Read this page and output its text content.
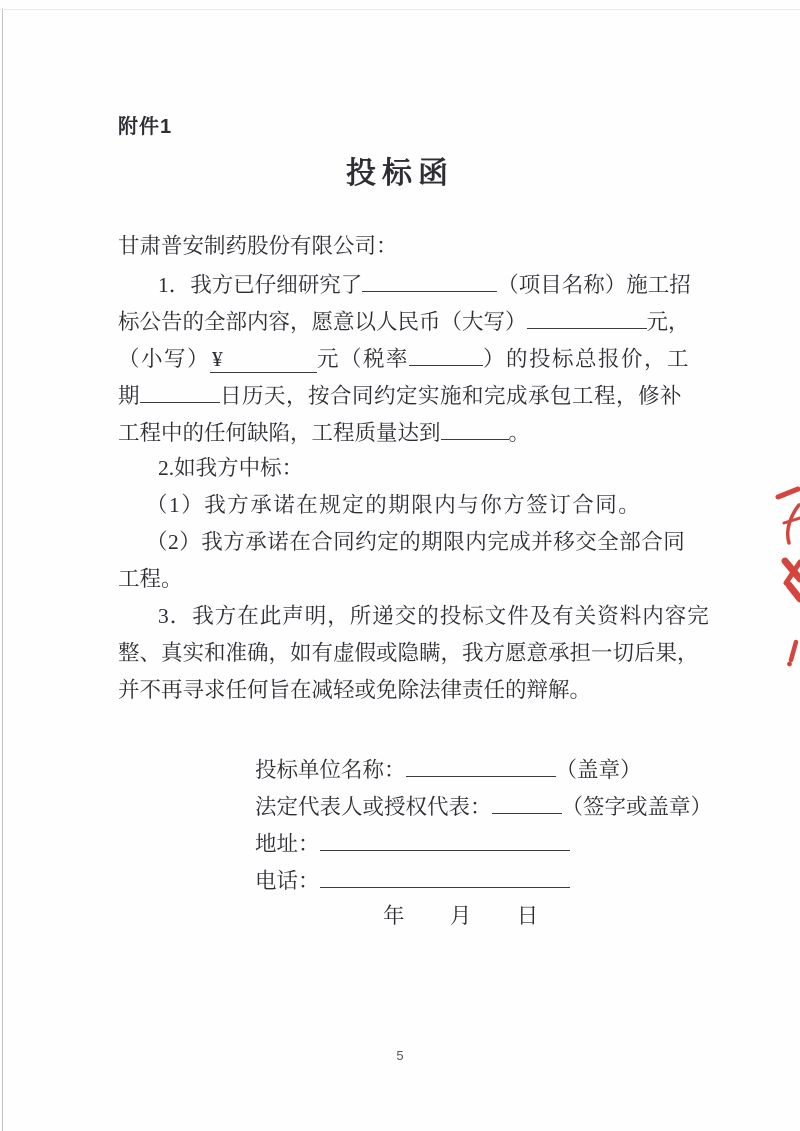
附件1
投标函
甘肃普安制药股份有限公司：
1．我方已仔细研究了	（项目名称）施工招
标公告的全部内容，愿意以人民币（大写）	元，
（小写）¥	元（税率	）的投标总报价，工
期	日历天，按合同约定实施和完成承包工程，修补
工程中的任何缺陷，工程质量达到	。
2.如我方中标：
（1）我方承诺在规定的期限内与你方签订合同。
（2）我方承诺在合同约定的期限内完成并移交全部合同
工程。
3．我方在此声明，所递交的投标文件及有关资料内容完
整、真实和准确，如有虚假或隐瞒，我方愿意承担一切后果，
并不再寻求任何旨在减轻或免除法律责任的辩解。
投标单位名称：	（盖章）
法定代表人或授权代表：	（签字或盖章）
地址：
电话：
年 月 日
5
